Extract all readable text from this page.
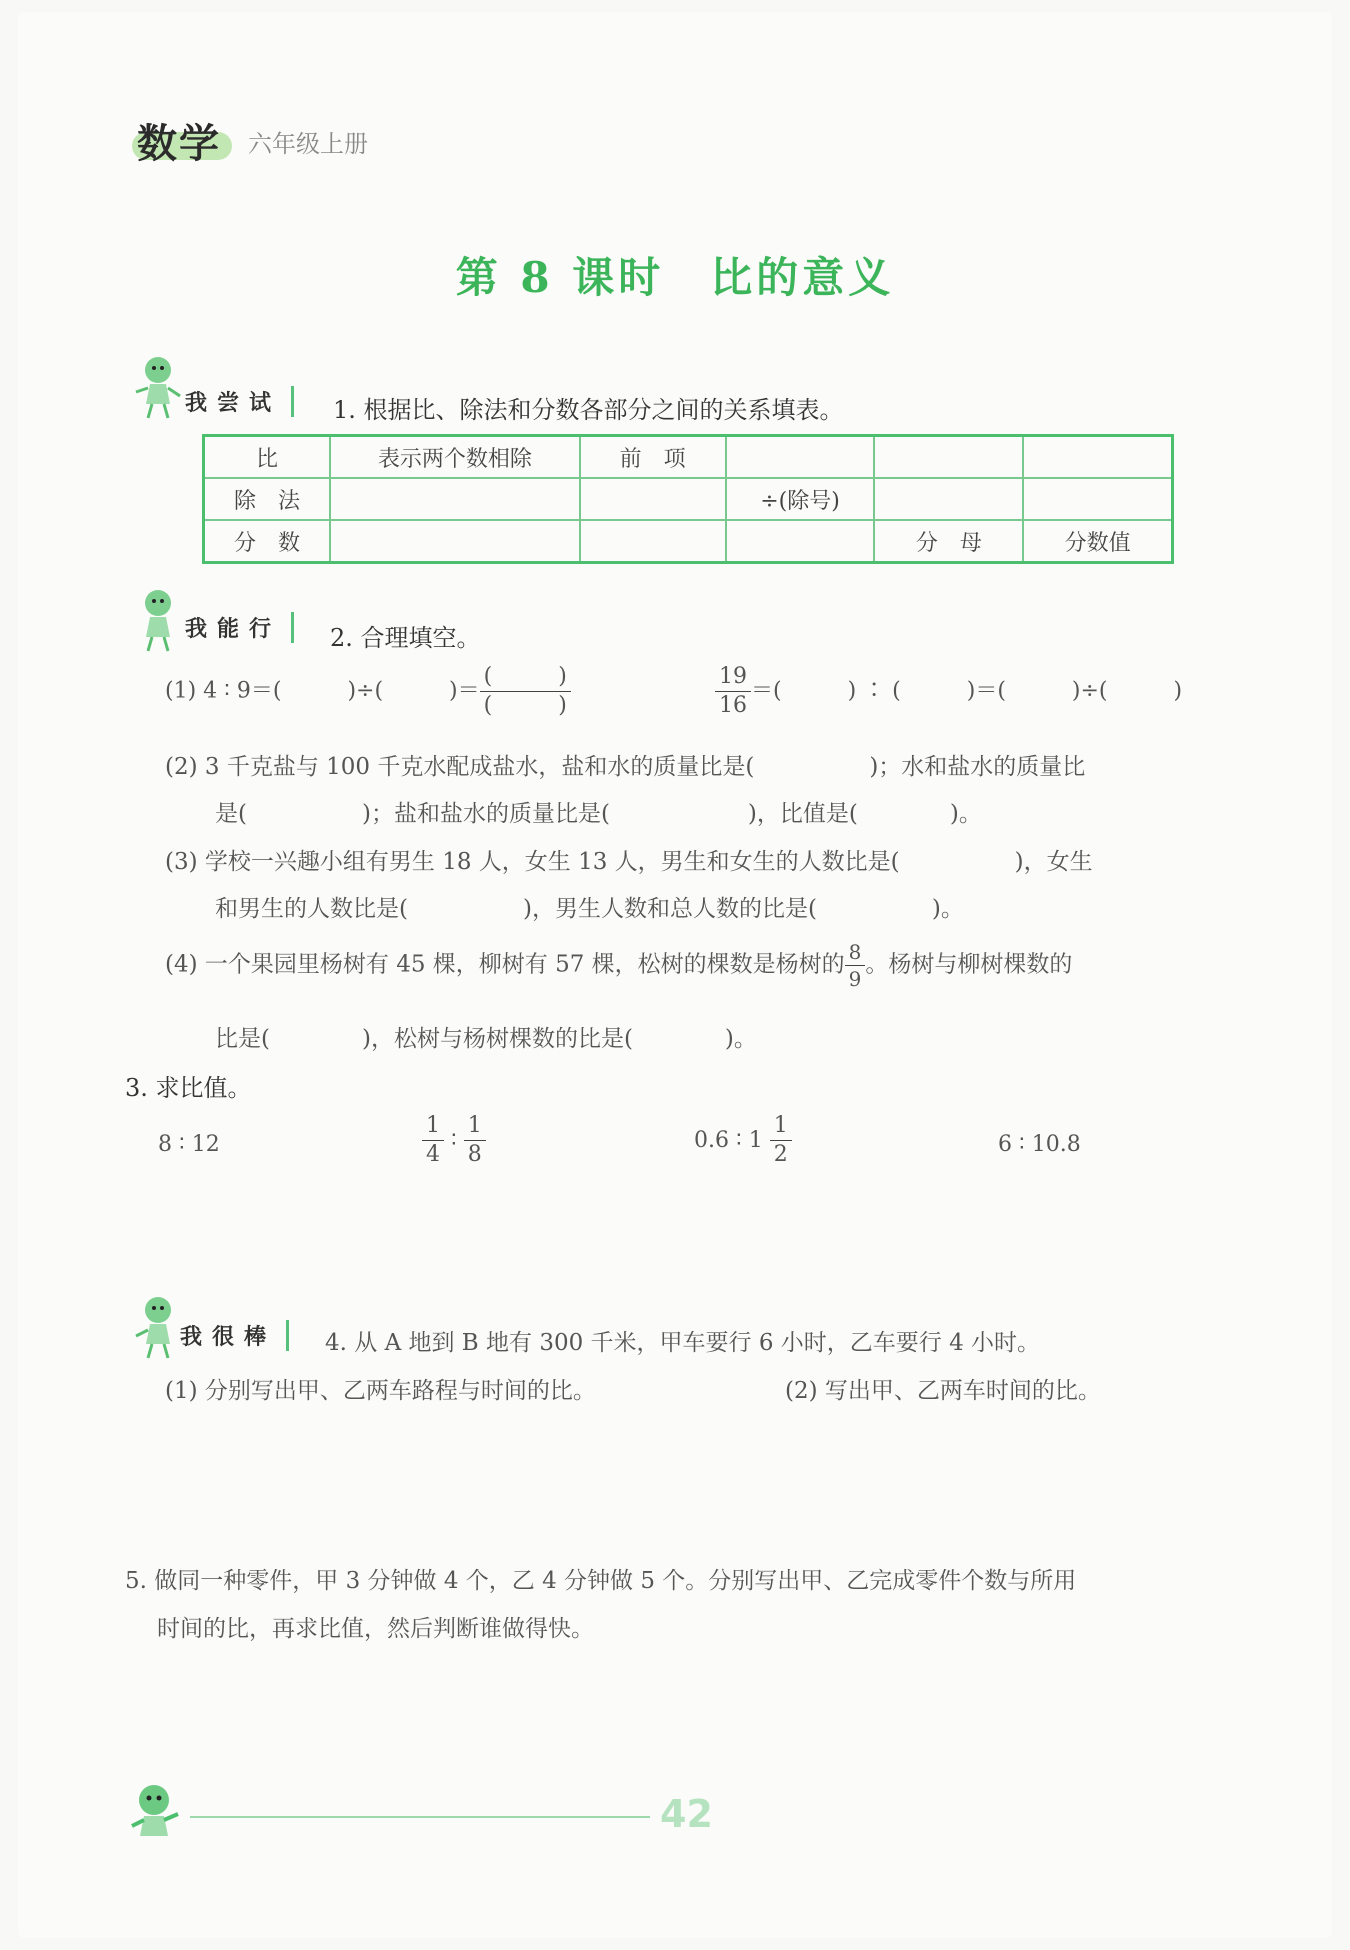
数学 六年级上册
第 8 课时　比的意义
我尝试	1. 根据比、除法和分数各部分之间的关系填表。
比	表示两个数相除	前　项			
除　法			÷(除号)		
分　数				分　母	分数值
我能行	2. 合理填空。
(1) 4 ∶ 9＝(　　　)÷(　　　)＝ $\frac{( )}{( )}$	$\frac{19}{16}$ ＝(　　　) ∶ (　　　)＝(　　　)÷(　　　)
(2) 3 千克盐与 100 千克水配成盐水，盐和水的质量比是(　　　　　)；水和盐水的质量比
是(　　　　　)；盐和盐水的质量比是(　　　　　　)，比值是(　　　　)。
(3) 学校一兴趣小组有男生 18 人，女生 13 人，男生和女生的人数比是(　　　　　)，女生
和男生的人数比是(　　　　　)，男生人数和总人数的比是(　　　　　)。
(4) 一个果园里杨树有 45 棵，柳树有 57 棵，松树的棵数是杨树的 $\frac{8}{9}$ 。杨树与柳树棵数的
比是(　　　　)，松树与杨树棵数的比是(　　　　)。
3. 求比值。
8 ∶ 12	$\frac{1}{4}$ ∶ $\frac{1}{8}$	0.6 ∶ $1 \frac{1}{2}$	6 ∶ 10.8
我很棒	4. 从 A 地到 B 地有 300 千米，甲车要行 6 小时，乙车要行 4 小时。
(1) 分别写出甲、乙两车路程与时间的比。	(2) 写出甲、乙两车时间的比。
5. 做同一种零件，甲 3 分钟做 4 个，乙 4 分钟做 5 个。分别写出甲、乙完成零件个数与所用
时间的比，再求比值，然后判断谁做得快。
42
